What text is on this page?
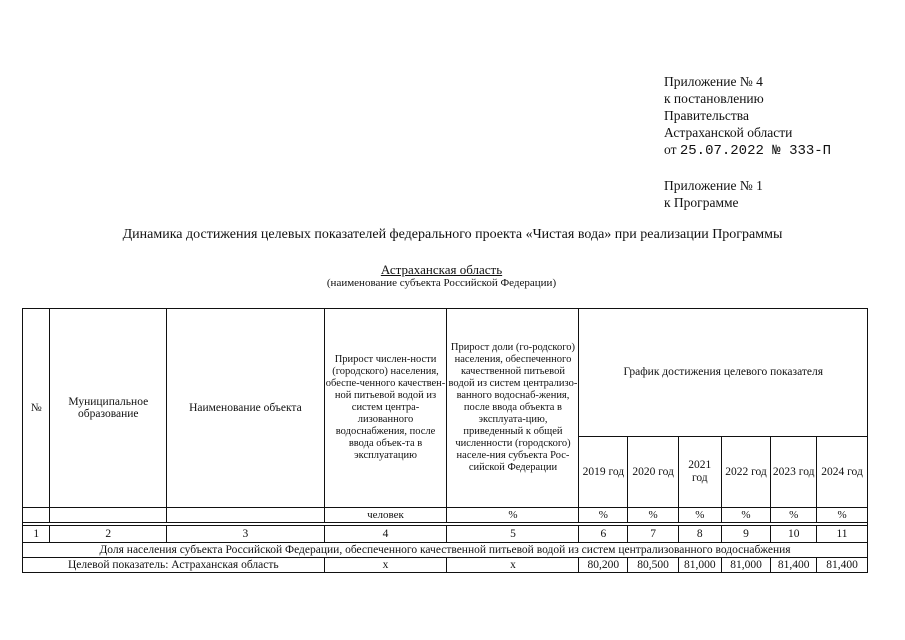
Приложение № 4
к постановлению
Правительства
Астраханской области
от 25.07.2022 № 333-П
Приложение № 1
к Программе
Динамика достижения целевых показателей федерального проекта «Чистая вода» при реализации Программы
Астраханская область
(наименование субъекта Российской Федерации)
№	Муниципальное образование	Наименование объекта	Прирост числен-ности (городского) населения, обеспе-ченного качествен-ной питьевой водой из систем центра-лизованного водоснабжения, после ввода объек-та в эксплуатацию	Прирост доли (го-родского) населения, обеспеченного качественной питьевой водой из систем централизо-ванного водоснаб-жения, после ввода объекта в эксплуата-цию, приведенный к общей численности (городского) населе-ния субъекта Рос-сийской Федерации	График достижения целевого показателя					
					2019 год	2020 год	2021 год	2022 год	2023 год	2024 год
			человек	%	%	%	%	%	%	%

1	2	3	4	5	6	7	8	9	10	11
Доля населения субъекта Российской Федерации, обеспеченного качественной питьевой водой из систем централизованного водоснабжения										
Целевой показатель: Астраханская область			х	х	80,200	80,500	81,000	81,000	81,400	81,400
